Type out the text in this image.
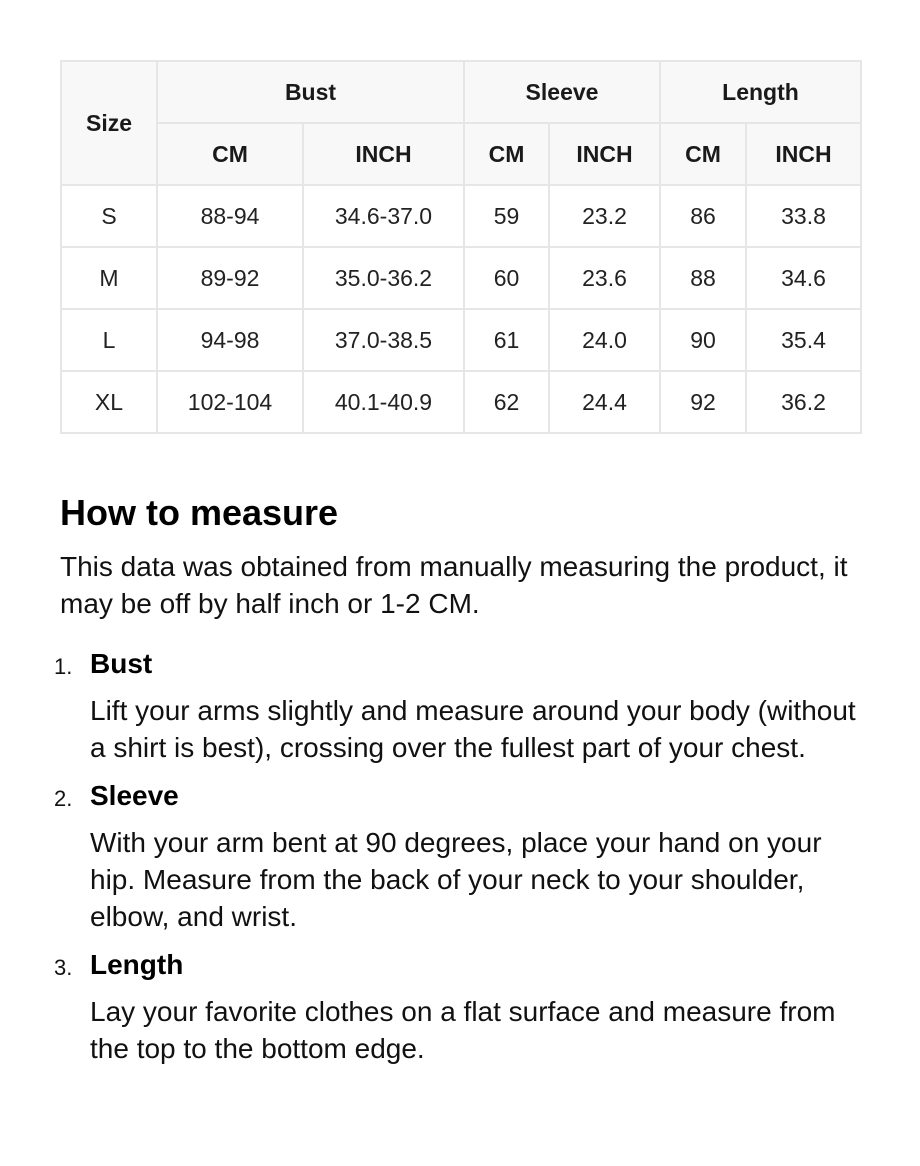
Size	Bust		Sleeve		Length	
	CM	INCH	CM	INCH	CM	INCH
S	88-94	34.6-37.0	59	23.2	86	33.8
M	89-92	35.0-36.2	60	23.6	88	34.6
L	94-98	37.0-38.5	61	24.0	90	35.4
XL	102-104	40.1-40.9	62	24.4	92	36.2
How to measure

This data was obtained from manually measuring the product, it may be off by half inch or 1-2 CM.

1. Bust
Lift your arms slightly and measure around your body (without a shirt is best), crossing over the fullest part of your chest.
2. Sleeve
With your arm bent at 90 degrees, place your hand on your hip. Measure from the back of your neck to your shoulder, elbow, and wrist.
3. Length
Lay your favorite clothes on a flat surface and measure from the top to the bottom edge.
